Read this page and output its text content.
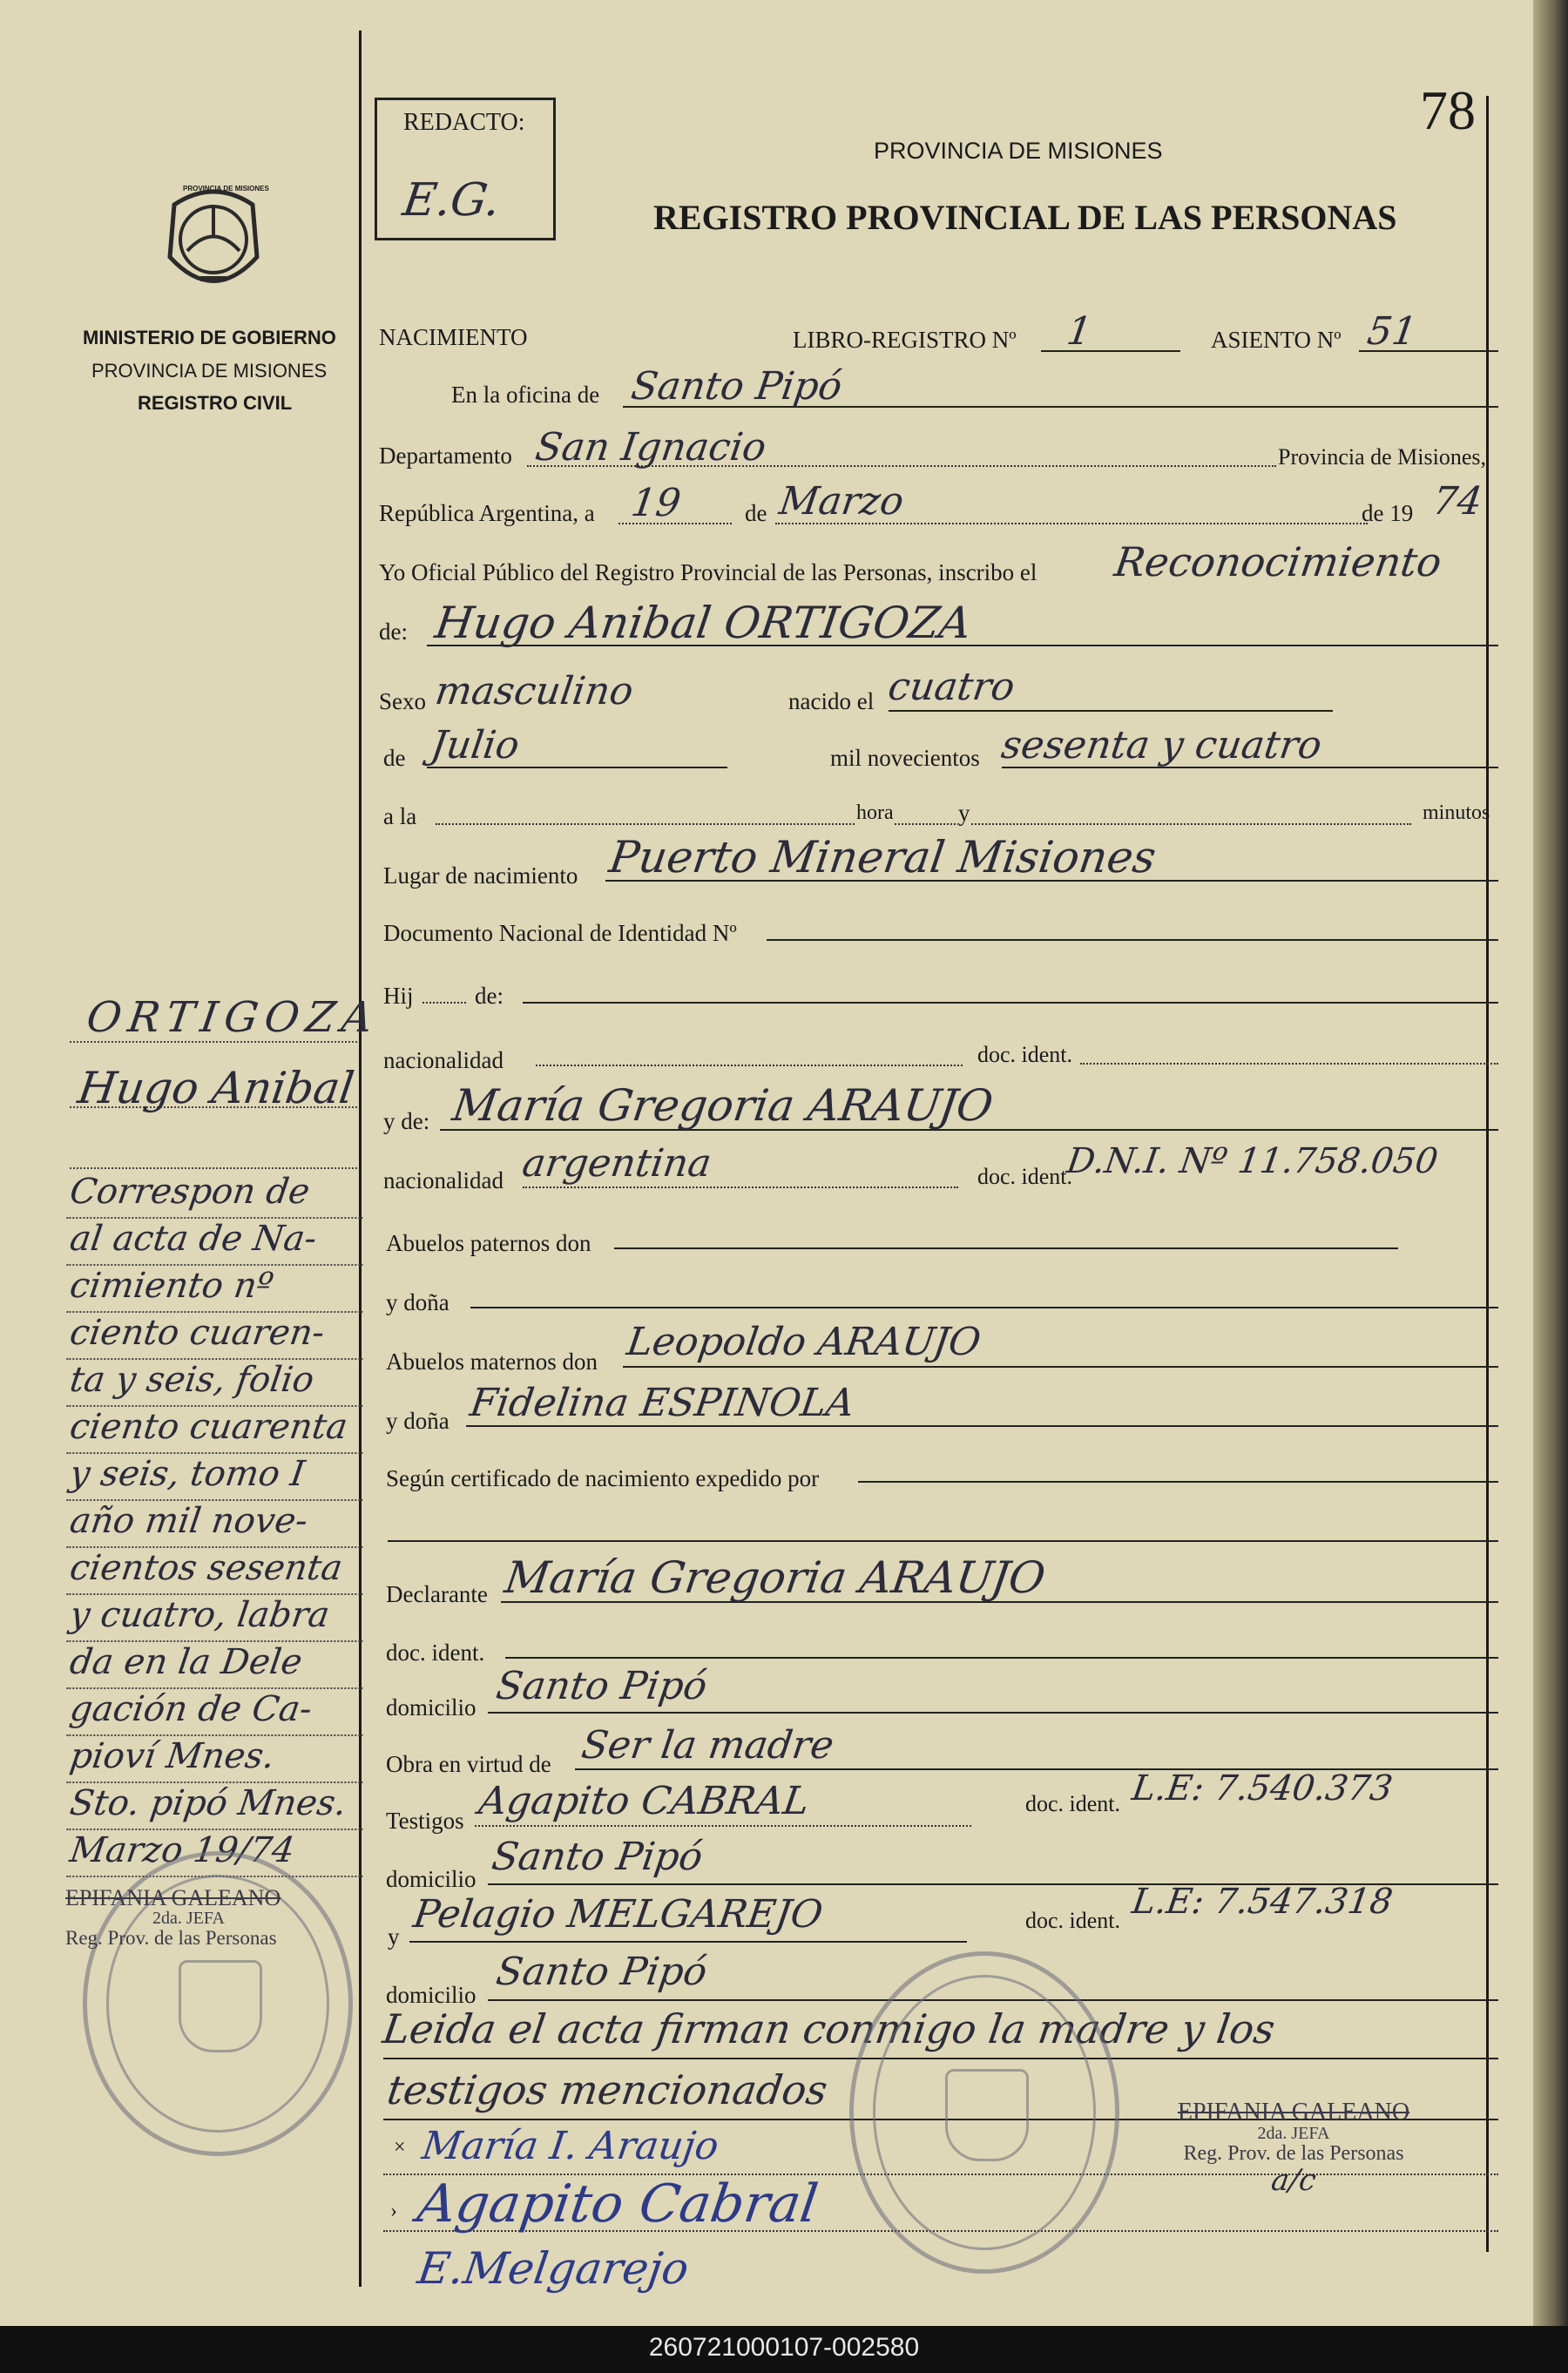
78
REDACTO:
E.G.
PROVINCIA DE MISIONES
REGISTRO PROVINCIAL DE LAS PERSONAS
PROVINCIA DE MISIONES
MINISTERIO DE GOBIERNO
PROVINCIA DE MISIONES
REGISTRO CIVIL
NACIMIENTO	LIBRO-REGISTRO Nº 1	ASIENTO Nº 51
En la oficina de Santo Pipó
Departamento San Ignacio	Provincia de Misiones,
República Argentina, a 19	de Marzo	de 19 74
Yo Oficial Público del Registro Provincial de las Personas, inscribo el Reconocimiento
de: Hugo Anibal ORTIGOZA
Sexo masculino	nacido el cuatro
de Julio	mil novecientos sesenta y cuatro
a la	hora	y	minutos
Lugar de nacimiento Puerto Mineral Misiones
Documento Nacional de Identidad Nº
Hij	de:
nacionalidad	doc. ident.
y de: María Gregoria ARAUJO
nacionalidad argentina	doc. ident.
D.N.I. Nº 11.758.050
Abuelos paternos don
y doña
Abuelos maternos don Leopoldo ARAUJO
y doña Fidelina ESPINOLA
Según certificado de nacimiento expedido por
Declarante María Gregoria ARAUJO
doc. ident.
domicilio Santo Pipó
Obra en virtud de Ser la madre
Testigos Agapito CABRAL	doc. ident. L.E: 7.540.373
domicilio Santo Pipó
y Pelagio MELGAREJO	doc. ident. L.E: 7.547.318
domicilio
Santo Pipó
Leida el acta firman conmigo la madre y los
testigos mencionados
×
›
María I. Araujo
Agapito Cabral
E.Melgarejo
EPIFANIA GALEANO
2da. JEFA
Reg. Prov. de las Personas
a/c
ORTIGOZA
Hugo Anibal
Correspon de
al acta de Na-
cimiento nº
ciento cuaren-
ta y seis, folio
ciento cuarenta
y seis, tomo I
año mil nove-
cientos sesenta
y cuatro, labra
da en la Dele
gación de Ca-
pioví Mnes.
Sto. pipó Mnes.
Marzo 19/74
EPIFANIA GALEANO
2da. JEFA
Reg. Prov. de las Personas
260721000107-002580
